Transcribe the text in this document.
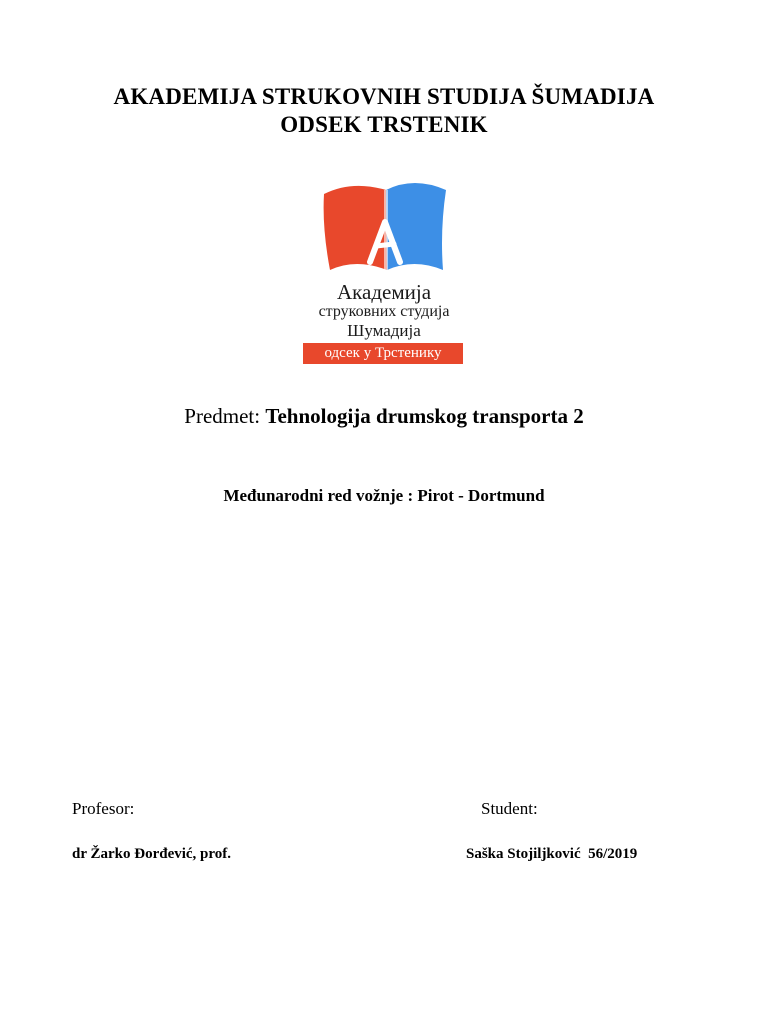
AKADEMIJA STRUKOVNIH STUDIJA ŠUMADIJA
ODSEK TRSTENIK
Академија
струковних студија
Шумадија
одсек у Трстенику
Predmet: Tehnologija drumskog transporta 2
Međunarodni red vožnje : Pirot - Dortmund
Profesor:	Student:
dr Žarko Đorđević, prof.	Saška Stojiljković  56/2019
